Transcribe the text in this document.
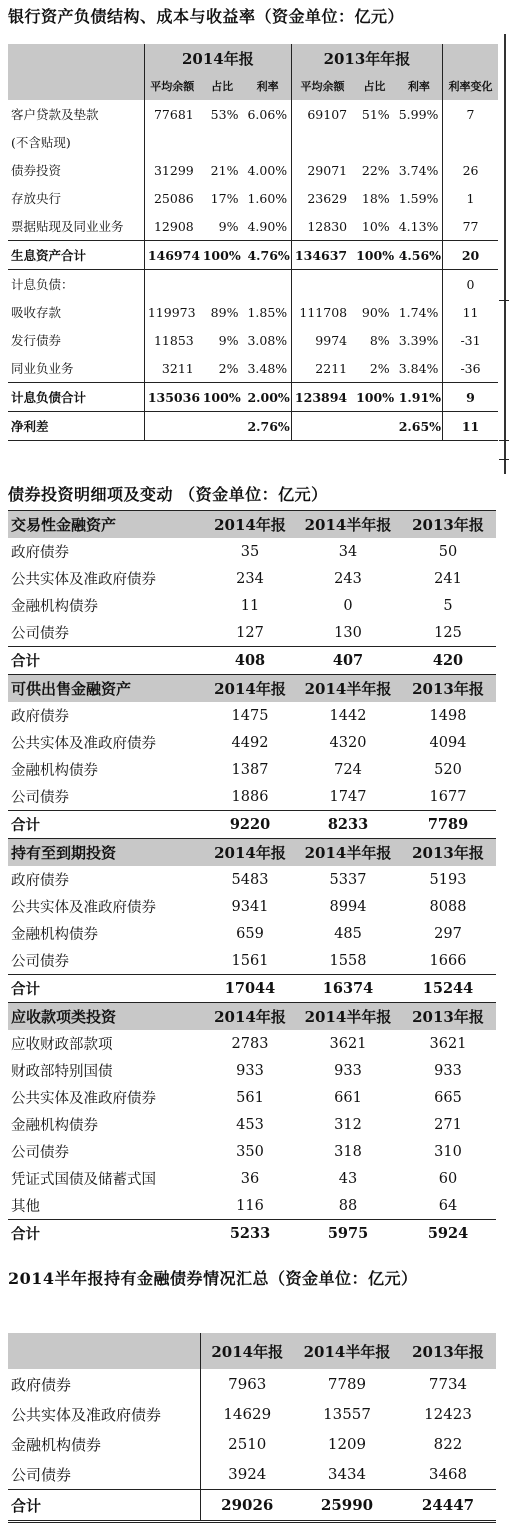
银行资产负债结构、成本与收益率（资金单位：亿元）
	2014年报			2013年年报			
	平均余额	占比	利率	平均余额	占比	利率	利率变化
客户贷款及垫款	77681	53%	6.06%	69107	51%	5.99%	7
(不含贴现)							
债券投资	31299	21%	4.00%	29071	22%	3.74%	26
存放央行	25086	17%	1.60%	23629	18%	1.59%	1
票据贴现及同业业务	12908	9%	4.90%	12830	10%	4.13%	77
生息资产合计	146974	100%	4.76%	134637	100%	4.56%	20
计息负债：							0
吸收存款	119973	89%	1.85%	111708	90%	1.74%	11
发行债券	11853	9%	3.08%	9974	8%	3.39%	-31
同业负业务	3211	2%	3.48%	2211	2%	3.84%	-36
计息负债合计	135036	100%	2.00%	123894	100%	1.91%	9
净利差			2.76%			2.65%	11
债券投资明细项及变动 （资金单位：亿元）
交易性金融资产	2014年报	2014半年报	2013年报
政府债券	35	34	50
公共实体及准政府债券	234	243	241
金融机构债券	11	0	5
公司债券	127	130	125
合计	408	407	420
可供出售金融资产	2014年报	2014半年报	2013年报
政府债券	1475	1442	1498
公共实体及准政府债券	4492	4320	4094
金融机构债券	1387	724	520
公司债券	1886	1747	1677
合计	9220	8233	7789
持有至到期投资	2014年报	2014半年报	2013年报
政府债券	5483	5337	5193
公共实体及准政府债券	9341	8994	8088
金融机构债券	659	485	297
公司债券	1561	1558	1666
合计	17044	16374	15244
应收款项类投资	2014年报	2014半年报	2013年报
应收财政部款项	2783	3621	3621
财政部特别国债	933	933	933
公共实体及准政府债券	561	661	665
金融机构债券	453	312	271
公司债券	350	318	310
凭证式国债及储蓄式国	36	43	60
其他	116	88	64
合计	5233	5975	5924
2014半年报持有金融债券情况汇总（资金单位：亿元）
	2014年报	2014半年报	2013年报
政府债券	7963	7789	7734
公共实体及准政府债券	14629	13557	12423
金融机构债券	2510	1209	822
公司债券	3924	3434	3468
合计	29026	25990	24447
